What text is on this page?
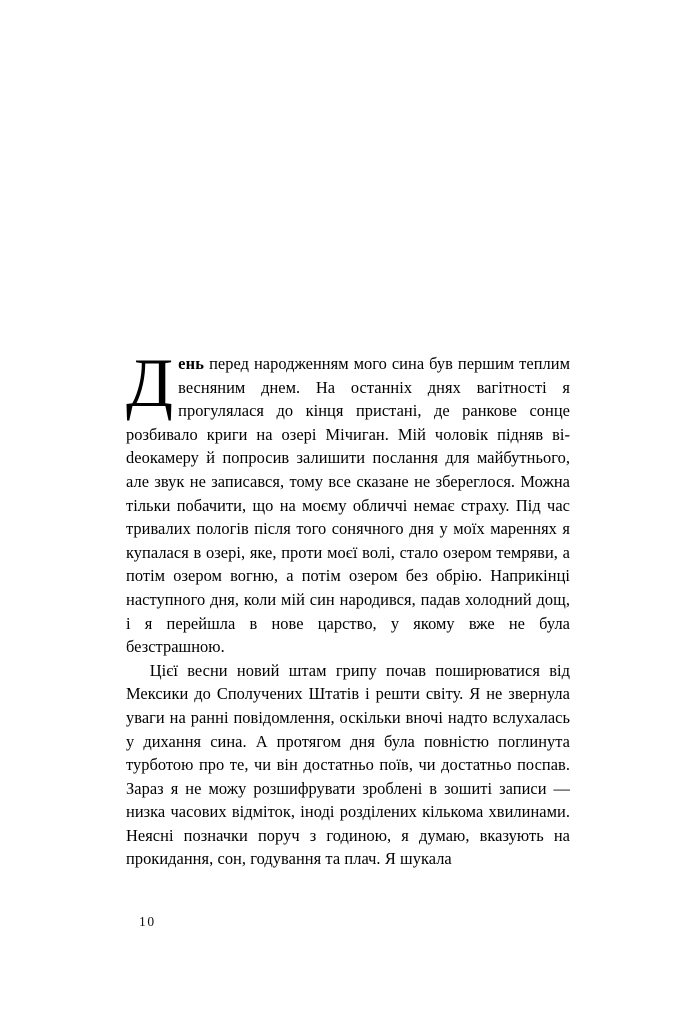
День перед народженням мого сина був першим теплим весняним днем. На останніх днях вагітності я прогулялася до кінця пристані, де ранкове сонце розбивало криги на озері Мічиган. Мій чоловік підняв віdеокамеру й попросив залишити послання для майбутнього, але звук не записався, тому все сказане не збереглося. Можна тільки побачити, що на моєму обличчі немає страху. Під час тривалих пологів після того сонячного дня у моїх мареннях я купалася в озері, яке, проти моєї волі, стало озером темряви, а потім озером вогню, а потім озером без обрію. Наприкінці наступного дня, коли мій син народився, падав холодний дощ, і я перейшла в нове царство, у якому вже не була безстрашною.

Цієї весни новий штам грипу почав поширюватися від Мексики до Сполучених Штатів і решти світу. Я не звернула уваги на ранні повідомлення, оскільки вночі надто вслухалась у дихання сина. А протягом дня була повністю поглинута турботою про те, чи він достатньо поїв, чи достатньо поспав. Зараз я не можу розшифрувати зроблені в зошиті записи — низка часових відміток, іноді розділених кількома хвилинами. Неясні позначки поруч з годиною, я думаю, вказують на прокидання, сон, годування та плач. Я шукала

10
